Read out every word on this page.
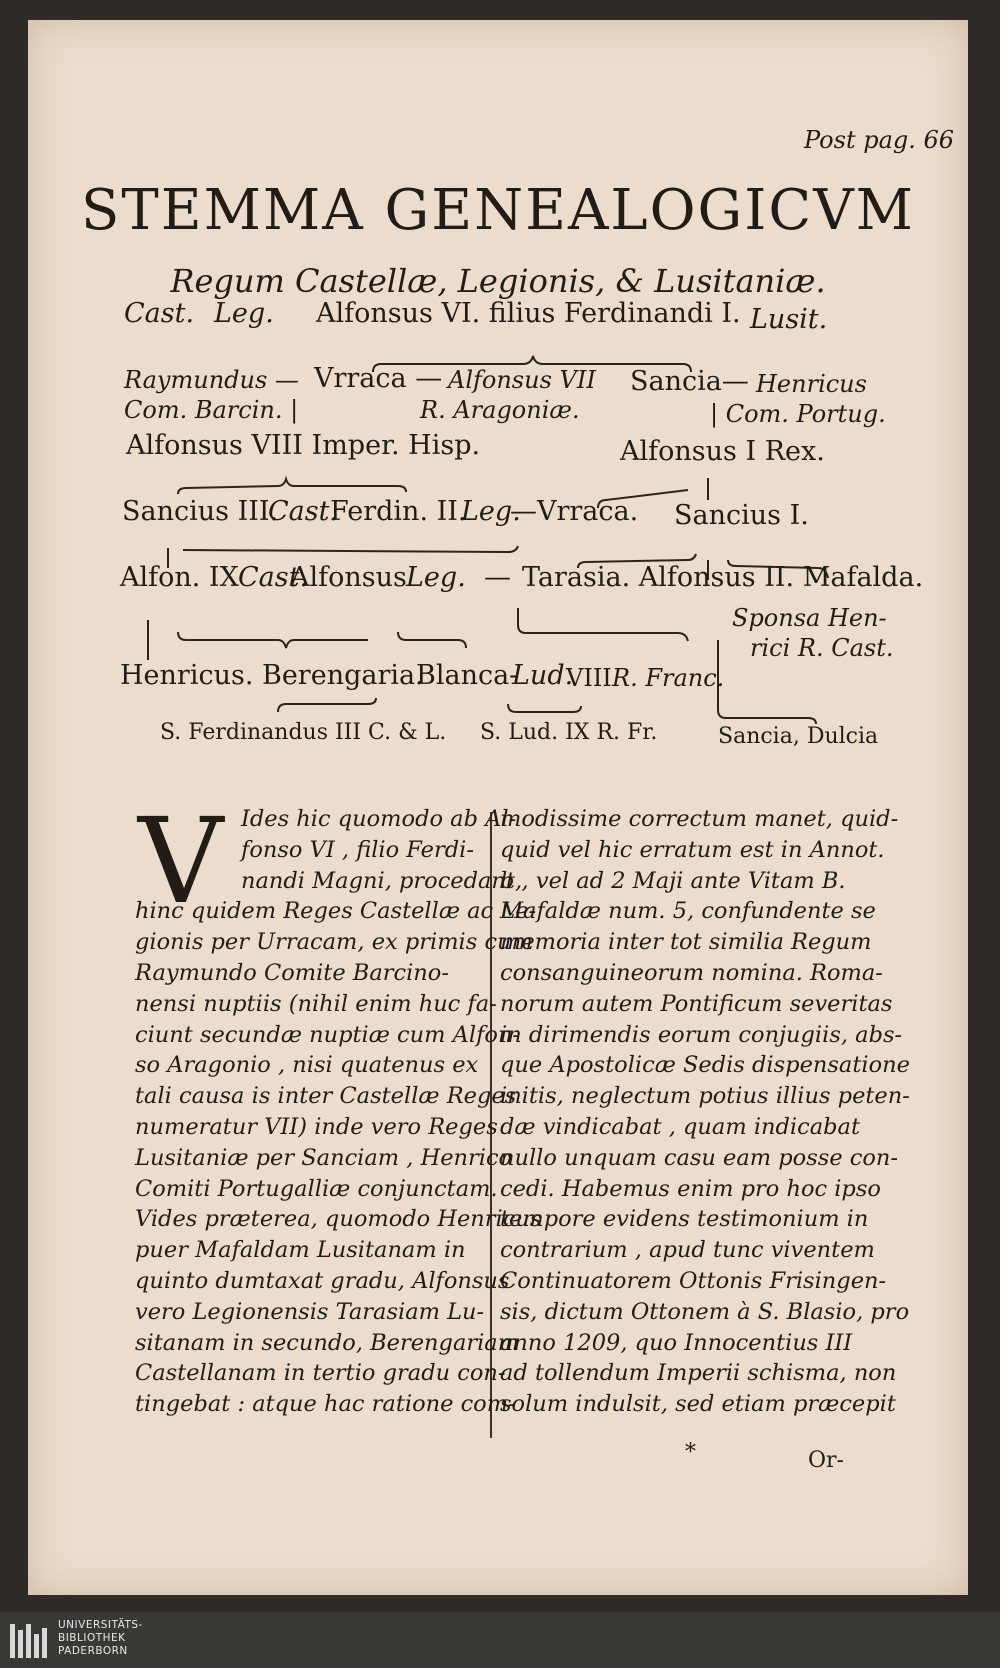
Post pag. 66
STEMMA GENEALOGICVM
Regum Castellæ, Legionis, & Lusitaniæ.
Cast. Leg. Alfonsus VI. filius Ferdinandi I. Lusit.
Raymundus — Vrraca — Alfonsus VII Sancia— Henricus
Com. Barcin. |	R. Aragoniæ.	| Com. Portug.
Alfonsus VIII Imper. Hisp.	Alfonsus I Rex.
Sancius III.
Cast.
Ferdin. II.
Leg.
—Vrraca. Sancius I.
Alfon. IX Cast.
Alfonsus Leg. — Tarasia. Alfonsus II. Mafalda.
Sponsa Hen-
rici R. Cast.
Henricus. Berengaria.
Blanca-
Lud.
VIII R. Franc.
S. Ferdinandus III C. & L. S. Lud. IX R. Fr.	Sancia, Dulcia
V Ides hic quomodo ab Al-

fonso VI , filio Ferdi-

nandi Magni, procedant,

hinc quidem Reges Castellæ ac Le-

gionis per Urracam, ex primis cum

Raymundo Comite Barcino-

nensi nuptiis (nihil enim huc fa-

ciunt secundæ nuptiæ cum Alfon-

so Aragonio , nisi quatenus ex

tali causa is inter Castellæ Reges

numeratur VII) inde vero Reges

Lusitaniæ per Sanciam , Henrico

Comiti Portugalliæ conjunctam.

Vides præterea, quomodo Henricus

puer Mafaldam Lusitanam in

quinto dumtaxat gradu, Alfonsus

vero Legionensis Tarasiam Lu-

sitanam in secundo, Berengariam

Castellanam in tertio gradu con-

tingebat : atque hac ratione com-

modissime correctum manet, quid-

quid vel hic erratum est in Annot.

b , vel ad 2 Maji ante Vitam B.

Mafaldæ num. 5, confundente se

memoria inter tot similia Regum

consanguineorum nomina. Roma-

norum autem Pontificum severitas

in dirimendis eorum conjugiis, abs-

que Apostolicæ Sedis dispensatione

initis, neglectum potius illius peten-

dæ vindicabat , quam indicabat

nullo unquam casu eam posse con-

cedi. Habemus enim pro hoc ipso

tempore evidens testimonium in

contrarium , apud tunc viventem

Continuatorem Ottonis Frisingen-

sis, dictum Ottonem à S. Blasio, pro

anno 1209, quo Innocentius III

ad tollendum Imperii schisma, non

solum indulsit, sed etiam præcepit

*	Or-
UNIVERSITÄTS-
BIBLIOTHEK
PADERBORN
